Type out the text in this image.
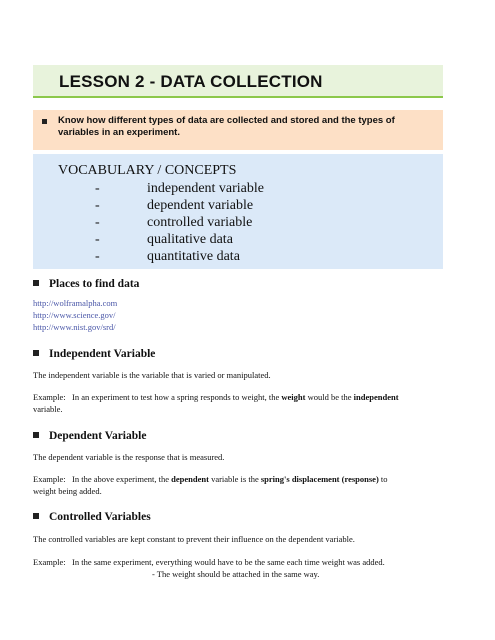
LESSON 2 - DATA COLLECTION
Know how different types of data are collected and stored and the types of variables in an experiment.
VOCABULARY / CONCEPTS
-	independent variable
-	dependent variable
-	controlled variable
-	qualitative data
-	quantitative data
Places to find data
http://wolframalpha.com
http://www.science.gov/
http://www.nist.gov/srd/
Independent Variable
The independent variable is the variable that is varied or manipulated.
Example: In an experiment to test how a spring responds to weight, the weight would be the independent
variable.
Dependent Variable
The dependent variable is the response that is measured.
Example: In the above experiment, the dependent variable is the spring's displacement (response) to
weight being added.
Controlled Variables
The controlled variables are kept constant to prevent their influence on the dependent variable.
Example: In the same experiment, everything would have to be the same each time weight was added.
- The weight should be attached in the same way.
